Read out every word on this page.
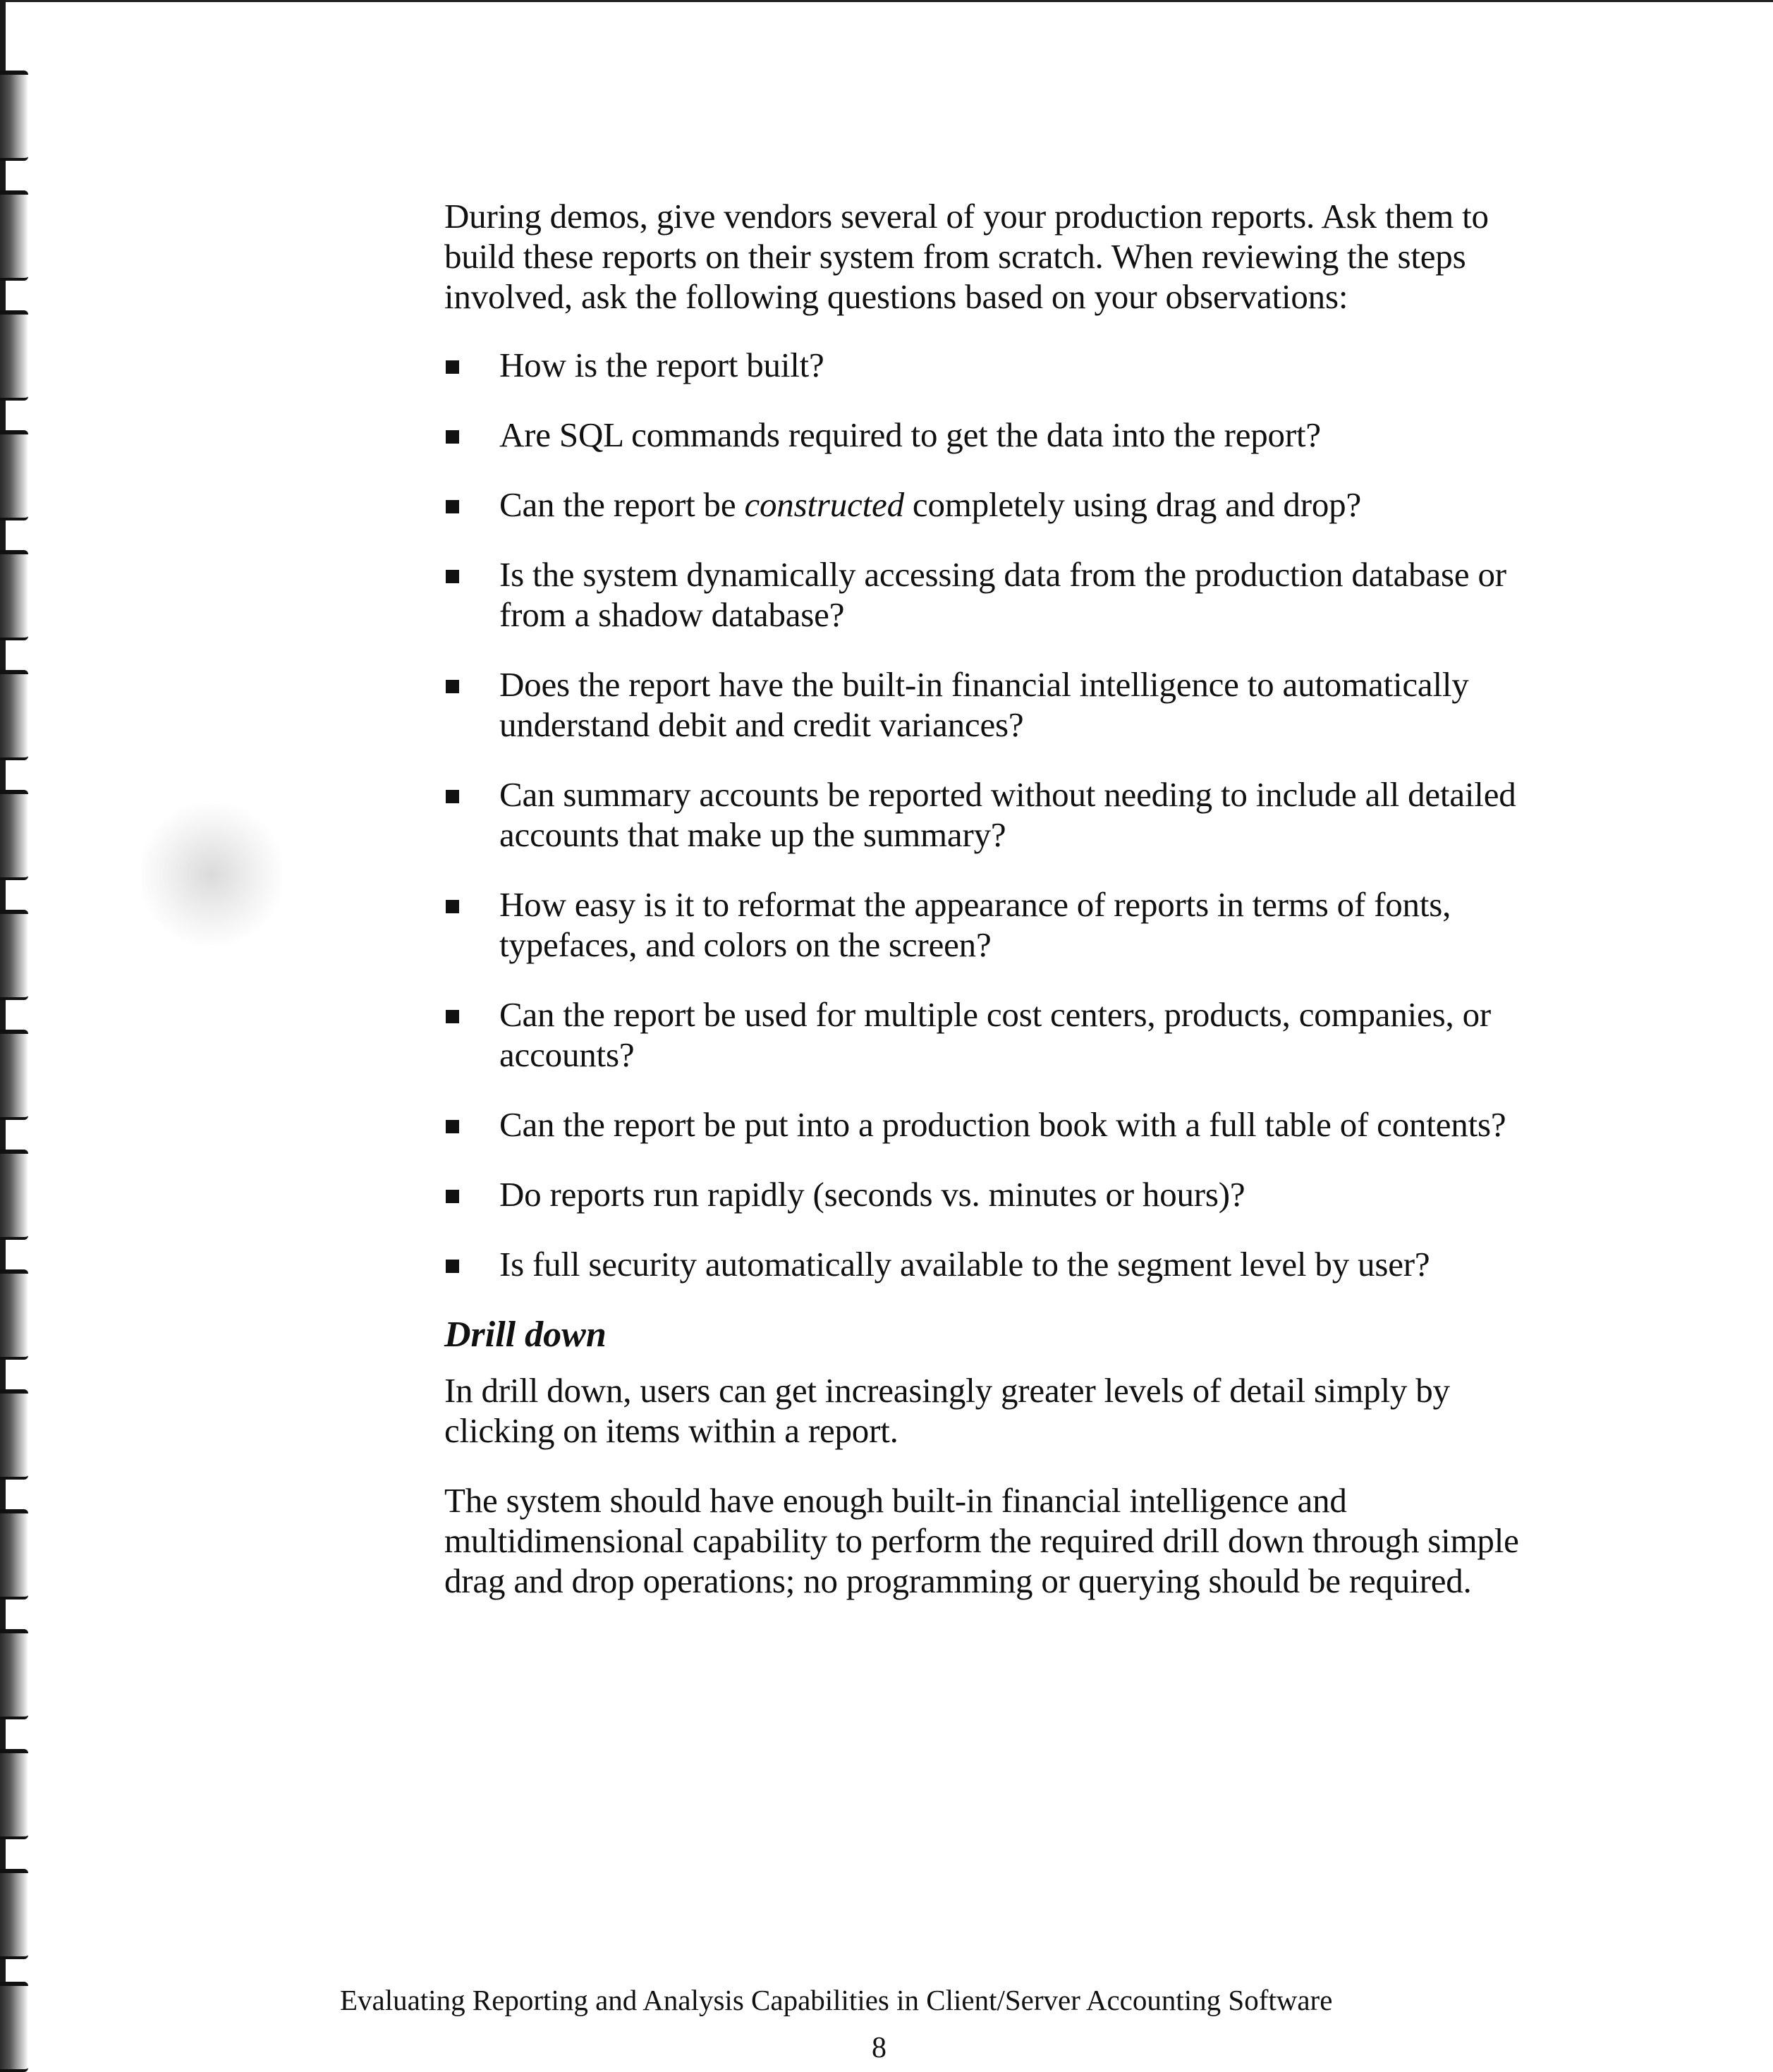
During demos, give vendors several of your production reports. Ask them to build these reports on their system from scratch. When reviewing the steps involved, ask the following questions based on your observations:

How is the report built?
Are SQL commands required to get the data into the report?
Can the report be constructed completely using drag and drop?
Is the system dynamically accessing data from the production database or from a shadow database?
Does the report have the built-in financial intelligence to automatically understand debit and credit variances?
Can summary accounts be reported without needing to include all detailed accounts that make up the summary?
How easy is it to reformat the appearance of reports in terms of fonts, typefaces, and colors on the screen?
Can the report be used for multiple cost centers, products, companies, or accounts?
Can the report be put into a production book with a full table of contents?
Do reports run rapidly (seconds vs. minutes or hours)?
Is full security automatically available to the segment level by user?
Drill down

In drill down, users can get increasingly greater levels of detail simply by clicking on items within a report.

The system should have enough built-in financial intelligence and multidimensional capability to perform the required drill down through simple drag and drop operations; no programming or querying should be required.

Evaluating Reporting and Analysis Capabilities in Client/Server Accounting Software
8
